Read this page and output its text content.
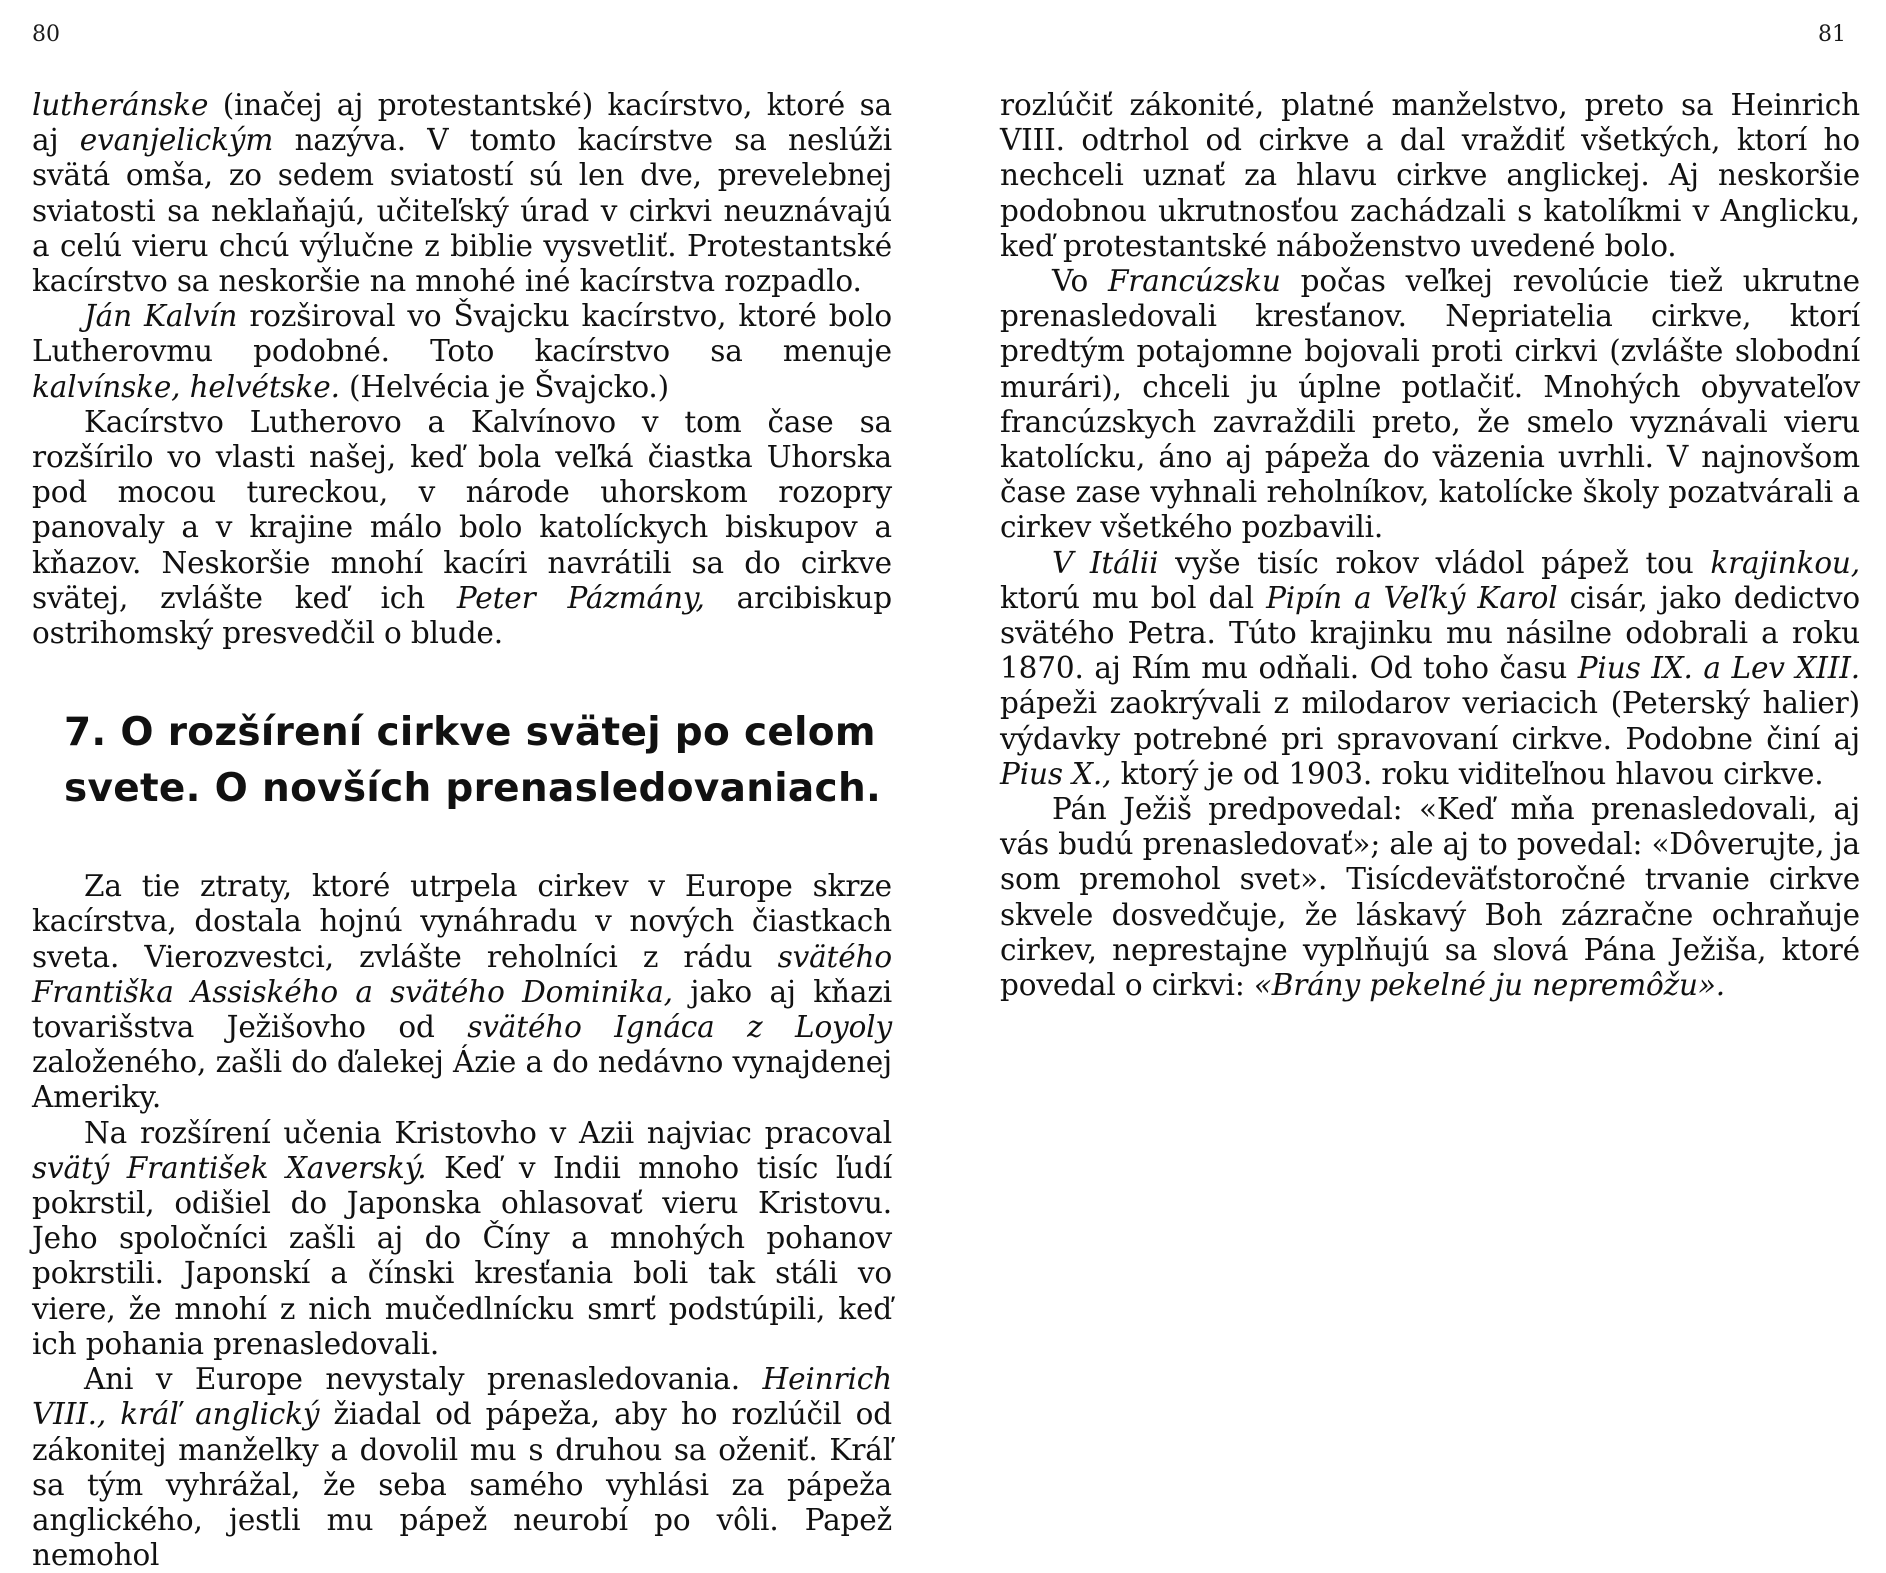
80	81

lutheránske (inačej aj protestantské) kacírstvo, ktoré sa aj evanjelickým nazýva. V tomto kacírstve sa neslúži svätá omša, zo sedem sviatostí sú len dve, prevelebnej sviatosti sa neklaňajú, učiteľský úrad v cirkvi neuznávajú a celú vieru chcú výlučne z biblie vysvetliť. Protestantské kacírstvo sa neskoršie na mnohé iné kacírstva rozpadlo.

Ján Kalvín rozširoval vo Švajcku kacírstvo, ktoré bolo Lutherovmu podobné. Toto kacírstvo sa menuje kalvínske, helvétske. (Helvécia je Švajcko.)

Kacírstvo Lutherovo a Kalvínovo v tom čase sa rozšírilo vo vlasti našej, keď bola veľká čiastka Uhorska pod mocou tureckou, v národe uhorskom rozopry panovaly a v krajine málo bolo katolíckych biskupov a kňazov. Neskoršie mnohí kacíri navrátili sa do cirkve svätej, zvlášte keď ich Peter Pázmány, arcibiskup ostrihomský presvedčil o blude.

7. O rozšírení cirkve svätej po celom svete. O novších prenasledovaniach.

Za tie ztraty, ktoré utrpela cirkev v Europe skrze kacírstva, dostala hojnú vynáhradu v nových čiastkach sveta. Vierozvestci, zvlášte reholníci z rádu svätého Františka Assiského a svätého Dominika, jako aj kňazi tovarišstva Ježišovho od svätého Ignáca z Loyoly založeného, zašli do ďalekej Ázie a do nedávno vynajdenej Ameriky.

Na rozšírení učenia Kristovho v Azii najviac pracoval svätý František Xaverský. Keď v Indii mnoho tisíc ľudí pokrstil, odišiel do Japonska ohlasovať vieru Kristovu. Jeho spoločníci zašli aj do Číny a mnohých pohanov pokrstili. Japonskí a čínski kresťania boli tak stáli vo viere, že mnohí z nich mučedlnícku smrť podstúpili, keď ich pohania prenasledovali.

Ani v Europe nevystaly prenasledovania. Heinrich VIII., kráľ anglický žiadal od pápeža, aby ho rozlúčil od zákonitej manželky a dovolil mu s druhou sa oženiť. Kráľ sa tým vyhrážal, že seba samého vyhlási za pápeža anglického, jestli mu pápež neurobí po vôli. Papež nemohol

rozlúčiť zákonité, platné manželstvo, preto sa Heinrich VIII. odtrhol od cirkve a dal vraždiť všetkých, ktorí ho nechceli uznať za hlavu cirkve anglickej. Aj neskoršie podobnou ukrutnosťou zachádzali s katolíkmi v Anglicku, keď protestantské náboženstvo uvedené bolo.

Vo Francúzsku počas veľkej revolúcie tiež ukrutne prenasledovali kresťanov. Nepriatelia cirkve, ktorí predtým potajomne bojovali proti cirkvi (zvlášte slobodní murári), chceli ju úplne potlačiť. Mnohých obyvateľov francúzskych zavraždili preto, že smelo vyznávali vieru katolícku, áno aj pápeža do väzenia uvrhli. V najnovšom čase zase vyhnali reholníkov, katolícke školy pozatvárali a cirkev všetkého pozbavili.

V Itálii vyše tisíc rokov vládol pápež tou krajinkou, ktorú mu bol dal Pipín a Veľký Karol cisár, jako dedictvo svätého Petra. Túto krajinku mu násilne odobrali a roku 1870. aj Rím mu odňali. Od toho času Pius IX. a Lev XIII. pápeži zaokrývali z milodarov veriacich (Peterský halier) výdavky potrebné pri spravovaní cirkve. Podobne činí aj Pius X., ktorý je od 1903. roku viditeľnou hlavou cirkve.

Pán Ježiš predpovedal: «Keď mňa prenasledovali, aj vás budú prenasledovať»; ale aj to povedal: «Dôverujte, ja som premohol svet». Tisícdeväťstoročné trvanie cirkve skvele dosvedčuje, že láskavý Boh zázračne ochraňuje cirkev, neprestajne vyplňujú sa slová Pána Ježiša, ktoré povedal o cirkvi: «Brány pekelné ju nepremôžu».
